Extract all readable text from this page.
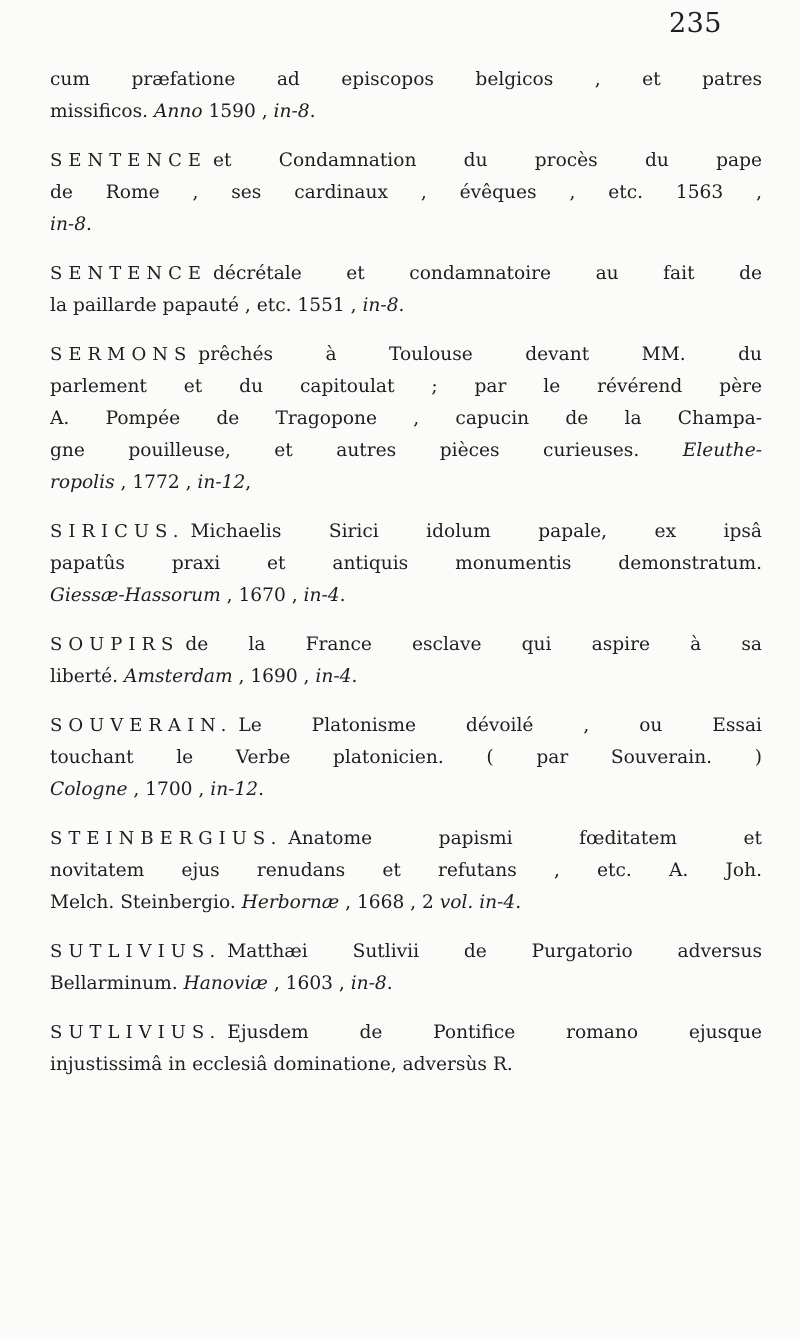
235
cum præfatione ad episcopos belgicos , et patres
missificos. Anno 1590 , in-8.
SENTENCE et Condamnation du procès du pape
de Rome , ses cardinaux , évêques , etc. 1563 ,
in-8.
SENTENCE décrétale et condamnatoire au fait de
la paillarde papauté , etc. 1551 , in-8.
SERMONS prêchés à Toulouse devant MM. du
parlement et du capitoulat ; par le révérend père
A. Pompée de Tragopone , capucin de la Champa-
gne pouilleuse, et autres pièces curieuses. Eleuthe-
ropolis , 1772 , in-12,
SIRICUS. Michaelis Sirici idolum papale, ex ipsâ
papatûs praxi et antiquis monumentis demonstratum.
Giessæ-Hassorum , 1670 , in-4.
SOUPIRS de la France esclave qui aspire à sa
liberté. Amsterdam , 1690 , in-4.
SOUVERAIN. Le Platonisme dévoilé , ou Essai
touchant le Verbe platonicien. ( par Souverain. )
Cologne , 1700 , in-12.
STEINBERGIUS. Anatome papismi fœditatem et
novitatem ejus renudans et refutans , etc. A. Joh.
Melch. Steinbergio. Herbornæ , 1668 , 2 vol. in-4.
SUTLIVIUS. Matthæi Sutlivii de Purgatorio adversus
Bellarminum. Hanoviæ , 1603 , in-8.
SUTLIVIUS. Ejusdem de Pontifice romano ejusque
injustissimâ in ecclesiâ dominatione, adversùs R.
